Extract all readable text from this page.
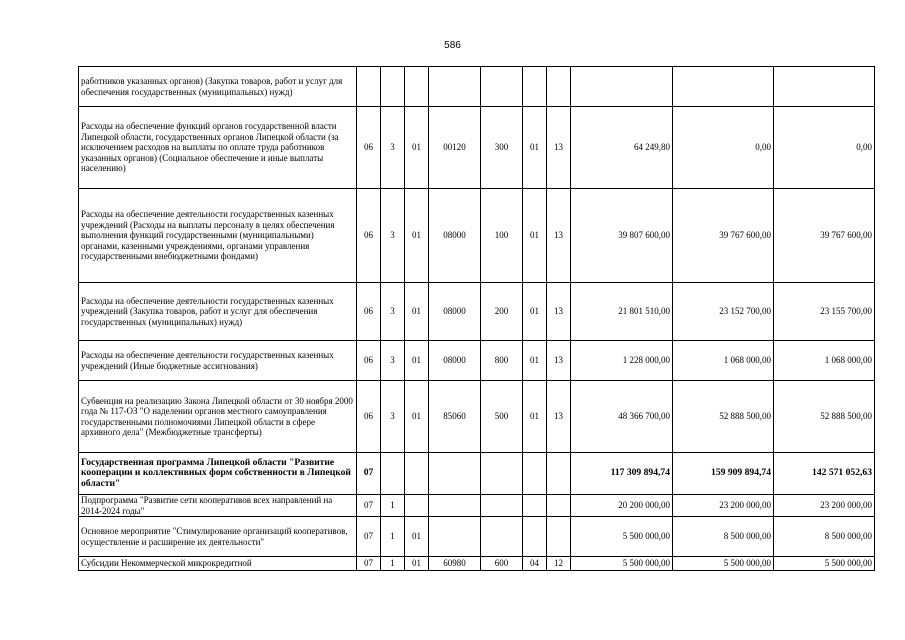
586
работников указанных органов) (Закупка товаров, работ и услуг для обеспечения государственных (муниципальных) нужд)										
Расходы на обеспечение функций органов государственной власти Липецкой области, государственных органов Липецкой области (за исключением расходов на выплаты по оплате труда работников указанных органов) (Социальное обеспечение и иные выплаты населению)	06	3	01	00120	300	01	13	64 249,80	0,00	0,00
Расходы на обеспечение деятельности государственных казенных учреждений (Расходы на выплаты персоналу в целях обеспечения выполнения функций государственными (муниципальными) органами, казенными учреждениями, органами управления государственными внебюджетными фондами)	06	3	01	08000	100	01	13	39 807 600,00	39 767 600,00	39 767 600,00
Расходы на обеспечение деятельности государственных казенных учреждений (Закупка товаров, работ и услуг для обеспечения государственных (муниципальных) нужд)	06	3	01	08000	200	01	13	21 801 510,00	23 152 700,00	23 155 700,00
Расходы на обеспечение деятельности государственных казенных учреждений (Иные бюджетные ассигнования)	06	3	01	08000	800	01	13	1 228 000,00	1 068 000,00	1 068 000,00
Субвенция на реализацию Закона Липецкой области от 30 ноября 2000 года № 117-ОЗ "О наделении органов местного самоуправления государственными полномочиями Липецкой области в сфере архивного дела" (Межбюджетные трансферты)	06	3	01	85060	500	01	13	48 366 700,00	52 888 500,00	52 888 500,00
Государственная программа Липецкой области "Развитие кооперации и коллективных форм собственности в Липецкой области"	07							117 309 894,74	159 909 894,74	142 571 052,63
Подпрограмма "Развитие сети кооперативов всех направлений на 2014-2024 годы"	07	1						20 200 000,00	23 200 000,00	23 200 000,00
Основное мероприятие "Стимулирование организаций кооперативов, осуществление и расширение их деятельности"	07	1	01					5 500 000,00	8 500 000,00	8 500 000,00
Субсидии Некоммерческой микрокредитной	07	1	01	60980	600	04	12	5 500 000,00	5 500 000,00	5 500 000,00
